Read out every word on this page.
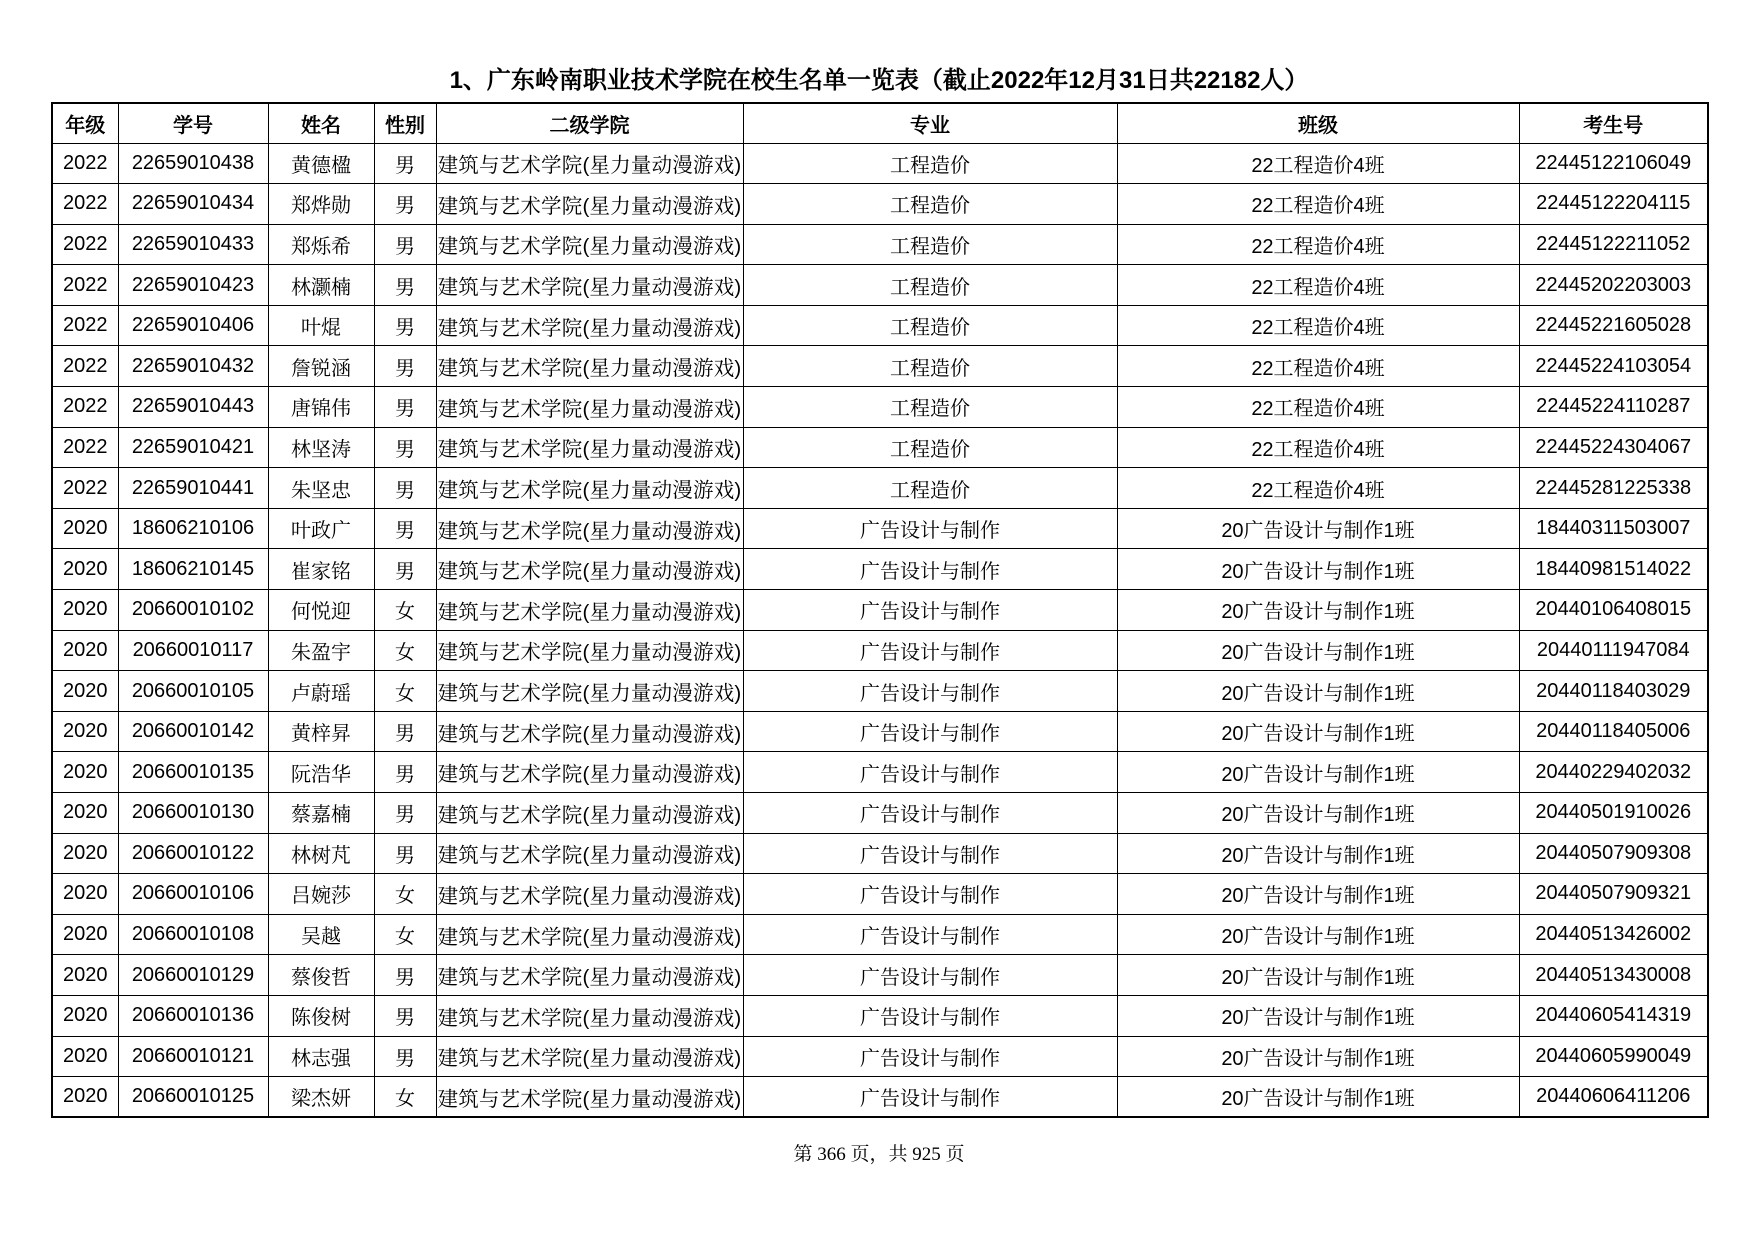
1、广东岭南职业技术学院在校生名单一览表（截止2022年12月31日共22182人）
年级	学号	姓名	性别	二级学院	专业	班级	考生号
2022	22659010438	黄德楹	男	建筑与艺术学院(星力量动漫游戏)	工程造价	22工程造价4班	22445122106049
2022	22659010434	郑烨勋	男	建筑与艺术学院(星力量动漫游戏)	工程造价	22工程造价4班	22445122204115
2022	22659010433	郑烁希	男	建筑与艺术学院(星力量动漫游戏)	工程造价	22工程造价4班	22445122211052
2022	22659010423	林灏楠	男	建筑与艺术学院(星力量动漫游戏)	工程造价	22工程造价4班	22445202203003
2022	22659010406	叶焜	男	建筑与艺术学院(星力量动漫游戏)	工程造价	22工程造价4班	22445221605028
2022	22659010432	詹锐涵	男	建筑与艺术学院(星力量动漫游戏)	工程造价	22工程造价4班	22445224103054
2022	22659010443	唐锦伟	男	建筑与艺术学院(星力量动漫游戏)	工程造价	22工程造价4班	22445224110287
2022	22659010421	林坚涛	男	建筑与艺术学院(星力量动漫游戏)	工程造价	22工程造价4班	22445224304067
2022	22659010441	朱坚忠	男	建筑与艺术学院(星力量动漫游戏)	工程造价	22工程造价4班	22445281225338
2020	18606210106	叶政广	男	建筑与艺术学院(星力量动漫游戏)	广告设计与制作	20广告设计与制作1班	18440311503007
2020	18606210145	崔家铭	男	建筑与艺术学院(星力量动漫游戏)	广告设计与制作	20广告设计与制作1班	18440981514022
2020	20660010102	何悦迎	女	建筑与艺术学院(星力量动漫游戏)	广告设计与制作	20广告设计与制作1班	20440106408015
2020	20660010117	朱盈宇	女	建筑与艺术学院(星力量动漫游戏)	广告设计与制作	20广告设计与制作1班	20440111947084
2020	20660010105	卢蔚瑶	女	建筑与艺术学院(星力量动漫游戏)	广告设计与制作	20广告设计与制作1班	20440118403029
2020	20660010142	黄梓昇	男	建筑与艺术学院(星力量动漫游戏)	广告设计与制作	20广告设计与制作1班	20440118405006
2020	20660010135	阮浩华	男	建筑与艺术学院(星力量动漫游戏)	广告设计与制作	20广告设计与制作1班	20440229402032
2020	20660010130	蔡嘉楠	男	建筑与艺术学院(星力量动漫游戏)	广告设计与制作	20广告设计与制作1班	20440501910026
2020	20660010122	林树芃	男	建筑与艺术学院(星力量动漫游戏)	广告设计与制作	20广告设计与制作1班	20440507909308
2020	20660010106	吕婉莎	女	建筑与艺术学院(星力量动漫游戏)	广告设计与制作	20广告设计与制作1班	20440507909321
2020	20660010108	吴越	女	建筑与艺术学院(星力量动漫游戏)	广告设计与制作	20广告设计与制作1班	20440513426002
2020	20660010129	蔡俊哲	男	建筑与艺术学院(星力量动漫游戏)	广告设计与制作	20广告设计与制作1班	20440513430008
2020	20660010136	陈俊树	男	建筑与艺术学院(星力量动漫游戏)	广告设计与制作	20广告设计与制作1班	20440605414319
2020	20660010121	林志强	男	建筑与艺术学院(星力量动漫游戏)	广告设计与制作	20广告设计与制作1班	20440605990049
2020	20660010125	梁杰妍	女	建筑与艺术学院(星力量动漫游戏)	广告设计与制作	20广告设计与制作1班	20440606411206
第 366 页，共 925 页
